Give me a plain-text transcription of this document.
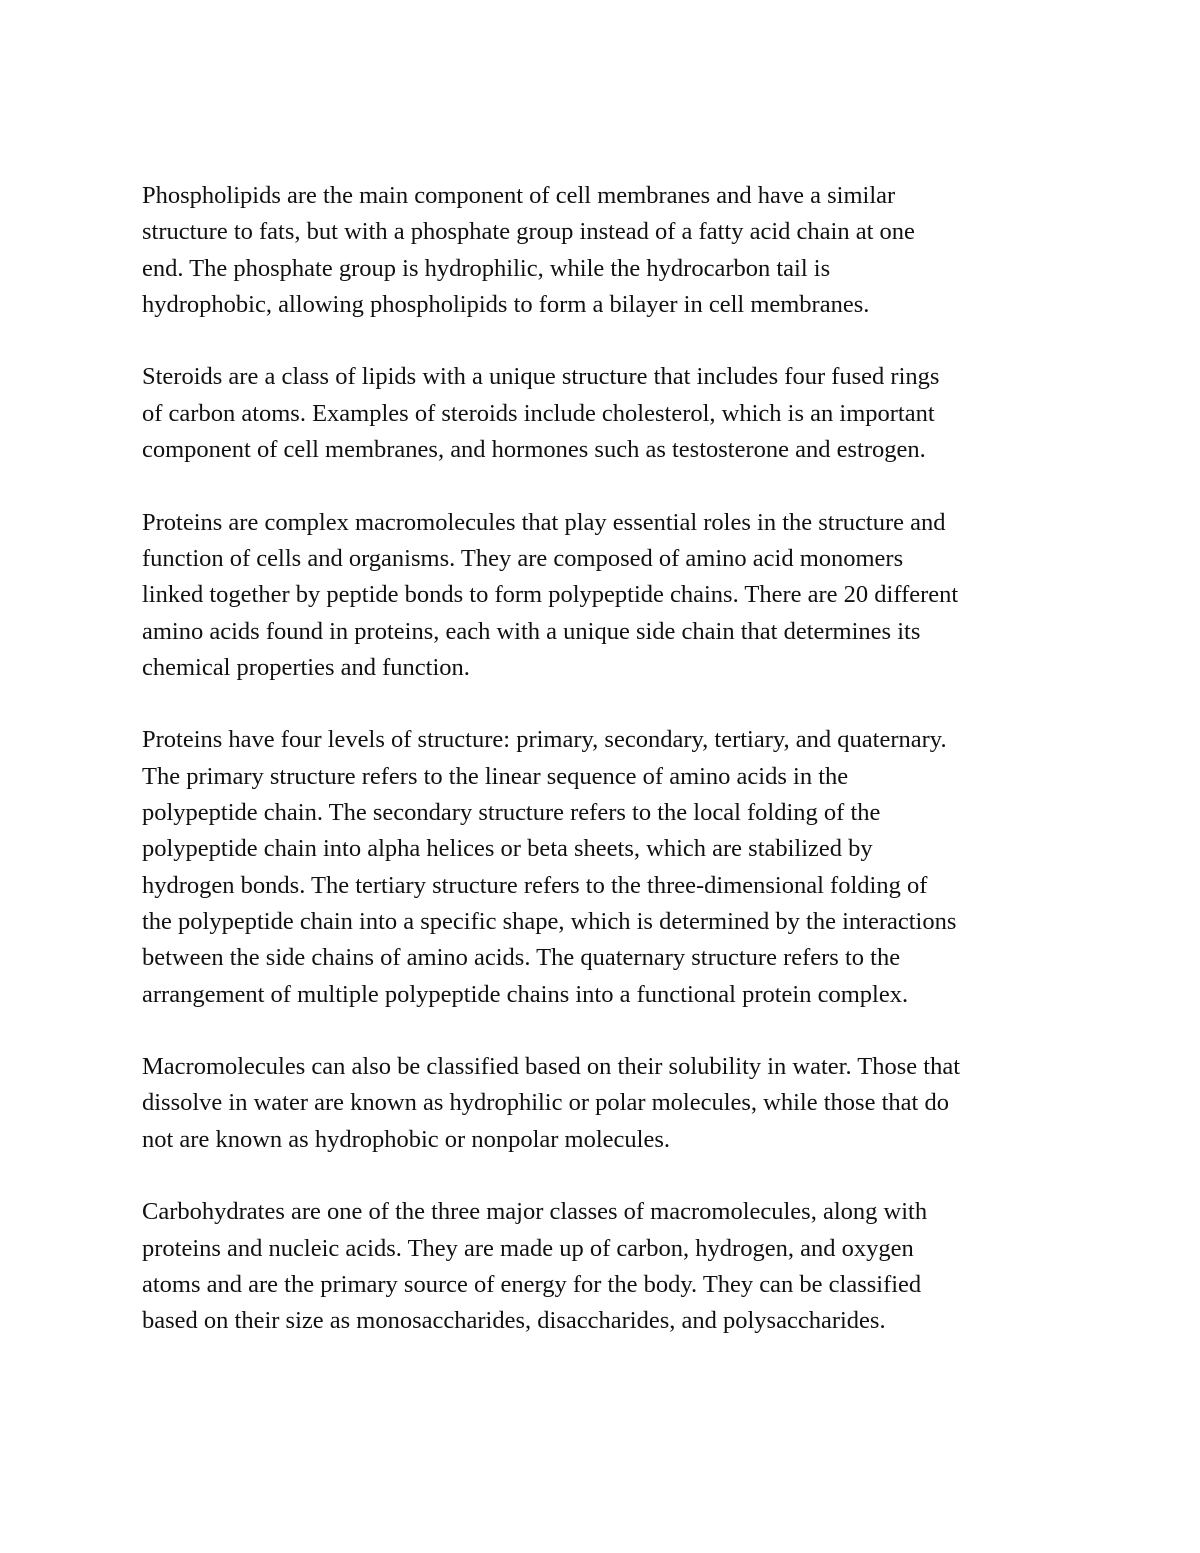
Phospholipids are the main component of cell membranes and have a similar
structure to fats, but with a phosphate group instead of a fatty acid chain at one
end. The phosphate group is hydrophilic, while the hydrocarbon tail is
hydrophobic, allowing phospholipids to form a bilayer in cell membranes.

Steroids are a class of lipids with a unique structure that includes four fused rings
of carbon atoms. Examples of steroids include cholesterol, which is an important
component of cell membranes, and hormones such as testosterone and estrogen.

Proteins are complex macromolecules that play essential roles in the structure and
function of cells and organisms. They are composed of amino acid monomers
linked together by peptide bonds to form polypeptide chains. There are 20 different
amino acids found in proteins, each with a unique side chain that determines its
chemical properties and function.

Proteins have four levels of structure: primary, secondary, tertiary, and quaternary.
The primary structure refers to the linear sequence of amino acids in the
polypeptide chain. The secondary structure refers to the local folding of the
polypeptide chain into alpha helices or beta sheets, which are stabilized by
hydrogen bonds. The tertiary structure refers to the three-dimensional folding of
the polypeptide chain into a specific shape, which is determined by the interactions
between the side chains of amino acids. The quaternary structure refers to the
arrangement of multiple polypeptide chains into a functional protein complex.

Macromolecules can also be classified based on their solubility in water. Those that
dissolve in water are known as hydrophilic or polar molecules, while those that do
not are known as hydrophobic or nonpolar molecules.

Carbohydrates are one of the three major classes of macromolecules, along with
proteins and nucleic acids. They are made up of carbon, hydrogen, and oxygen
atoms and are the primary source of energy for the body. They can be classified
based on their size as monosaccharides, disaccharides, and polysaccharides.
